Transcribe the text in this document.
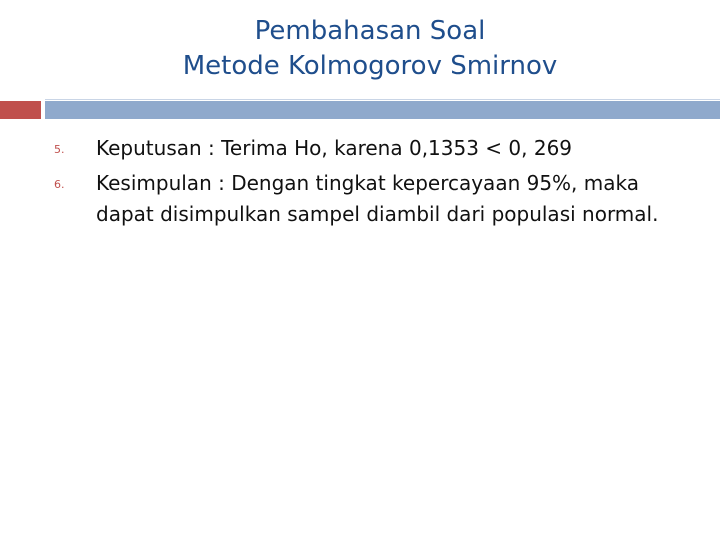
Pembahasan Soal
Metode Kolmogorov Smirnov
5. Keputusan : Terima Ho, karena 0,1353 < 0, 269
6. Kesimpulan : Dengan tingkat kepercayaan 95%, maka dapat disimpulkan sampel diambil dari populasi normal.
